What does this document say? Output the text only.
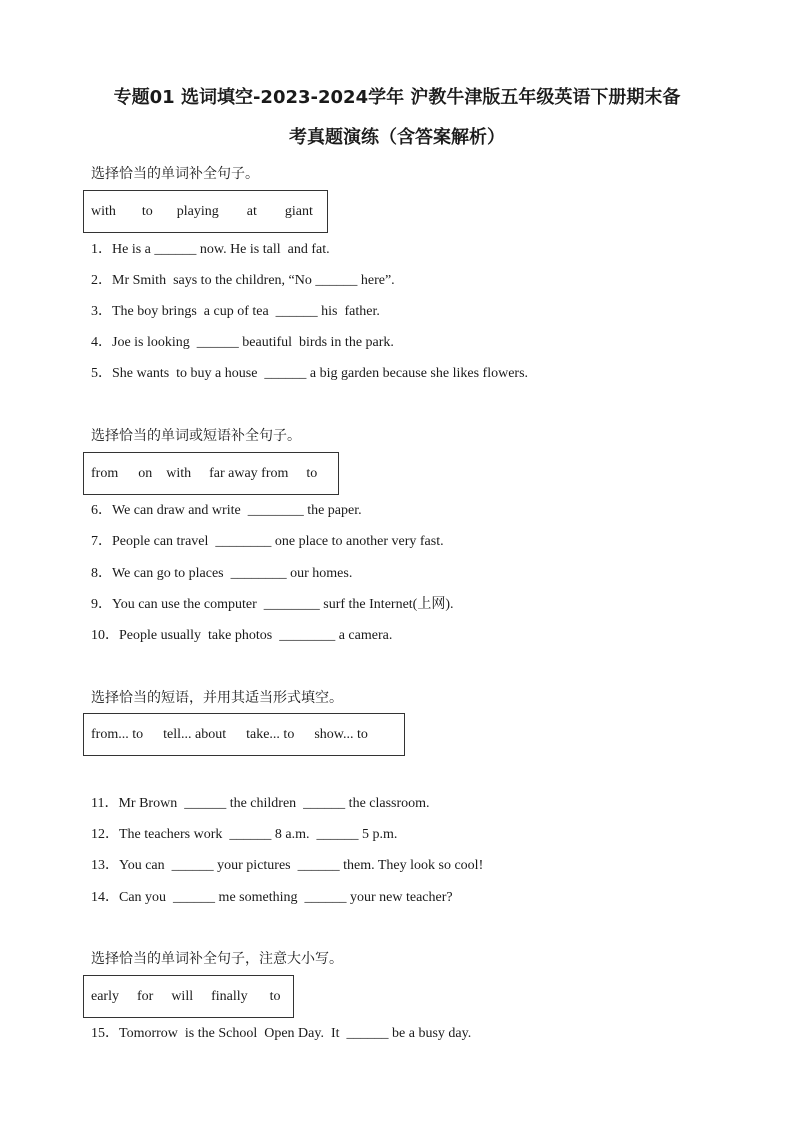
专题01 选词填空-2023-2024学年 沪教牛津版五年级英语下册期末备
考真题演练（含答案解析）
选择恰当的单词补全句子。
with to playing at giant
1．He is a ______ now. He is tall  and fat.
2．Mr Smith  says to the children, “No ______ here”.
3．The boy brings  a cup of tea  ______ his  father.
4．Joe is looking  ______ beautiful  birds in the park.
5．She wants  to buy a house  ______ a big garden because she likes flowers.
选择恰当的单词或短语补全句子。
from on with far away from to
6．We can draw and write  ________ the paper.
7．People can travel  ________ one place to another very fast.
8．We can go to places  ________ our homes.
9．You can use the computer  ________ surf the Internet(上网).
10．People usually  take photos  ________ a camera.
选择恰当的短语，并用其适当形式填空。
from... to tell... about take... to show... to
11．Mr Brown  ______ the children  ______ the classroom.
12．The teachers work  ______ 8 a.m.  ______ 5 p.m.
13．You can  ______ your pictures  ______ them. They look so cool!
14．Can you  ______ me something  ______ your new teacher?
选择恰当的单词补全句子，注意大小写。
early for will finally to
15．Tomorrow  is the School  Open Day.  It  ______ be a busy day.
